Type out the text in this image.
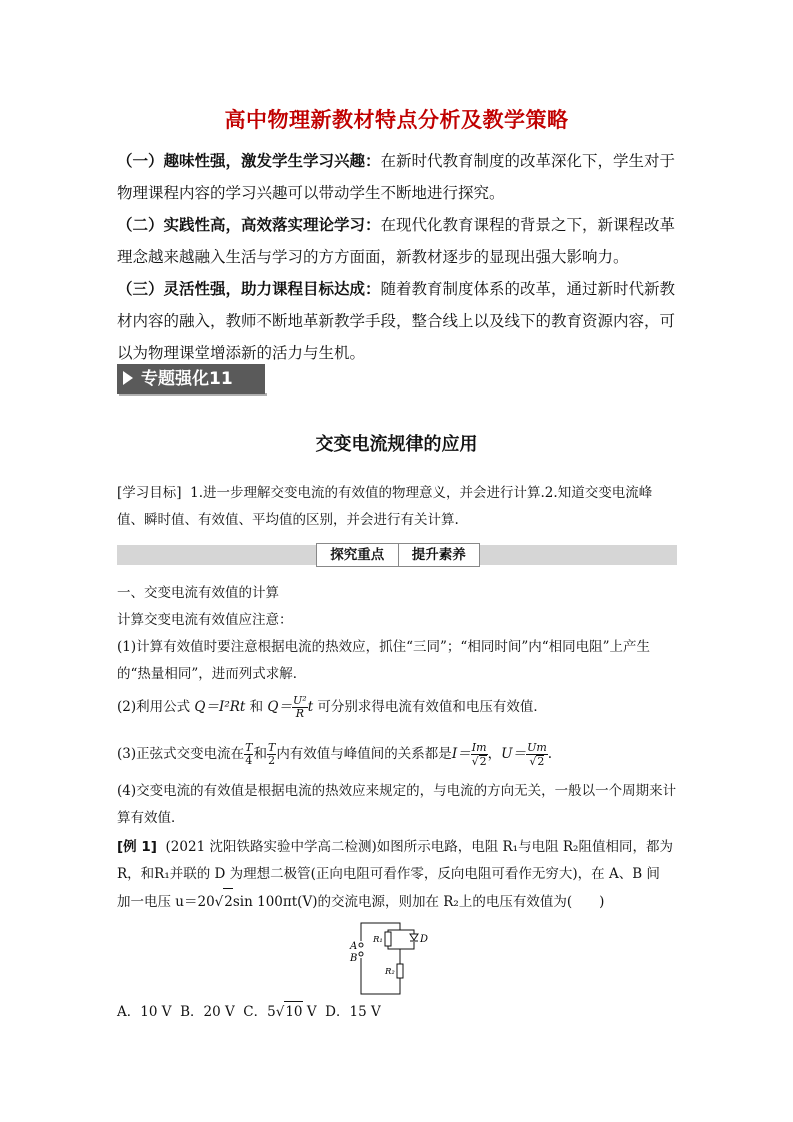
高中物理新教材特点分析及教学策略
（一）趣味性强，激发学生学习兴趣：在新时代教育制度的改革深化下，学生对于物理课程内容的学习兴趣可以带动学生不断地进行探究。
（二）实践性高，高效落实理论学习：在现代化教育课程的背景之下，新课程改革理念越来越融入生活与学习的方方面面，新教材逐步的显现出强大影响力。
（三）灵活性强，助力课程目标达成：随着教育制度体系的改革，通过新时代新教材内容的融入，教师不断地革新教学手段，整合线上以及线下的教育资源内容，可以为物理课堂增添新的活力与生机。
专题强化11
交变电流规律的应用
[学习目标] 1.进一步理解交变电流的有效值的物理意义，并会进行计算.2.知道交变电流峰值、瞬时值、有效值、平均值的区别，并会进行有关计算.
探究重点	提升素养
一、交变电流有效值的计算
计算交变电流有效值应注意：
(1)计算有效值时要注意根据电流的热效应，抓住“三同”；“相同时间”内“相同电阻”上产生的“热量相同”，进而列式求解．
(2)利用公式 Q＝I²Rt 和 $Q= \frac{\text{U²}}{R}$ t 可分别求得电流有效值和电压有效值．
(3)正弦式交变电流在 $\frac{T}{4}$ 和 $\frac{T}{2}$ 内有效值与峰值间的关系都是$I= \frac{Im}{√2}$ ，$U= \frac{Um}{√2}$ .
(4)交变电流的有效值是根据电流的热效应来规定的，与电流的方向无关，一般以一个周期来计算有效值．
[例 1] (2021 沈阳铁路实验中学高二检测)如图所示电路，电阻 R₁与电阻 R₂阻值相同，都为
R，和R₁并联的 D 为理想二极管(正向电阻可看作零，反向电阻可看作无穷大)，在 A、B 间
加一电压 u＝20√2sin 100πt(V)的交流电源，则加在 R₂上的电压有效值为(　　)
A
B
R₁	D
R₂
A．10 V B．20 V C．5√10 V D．15 V
